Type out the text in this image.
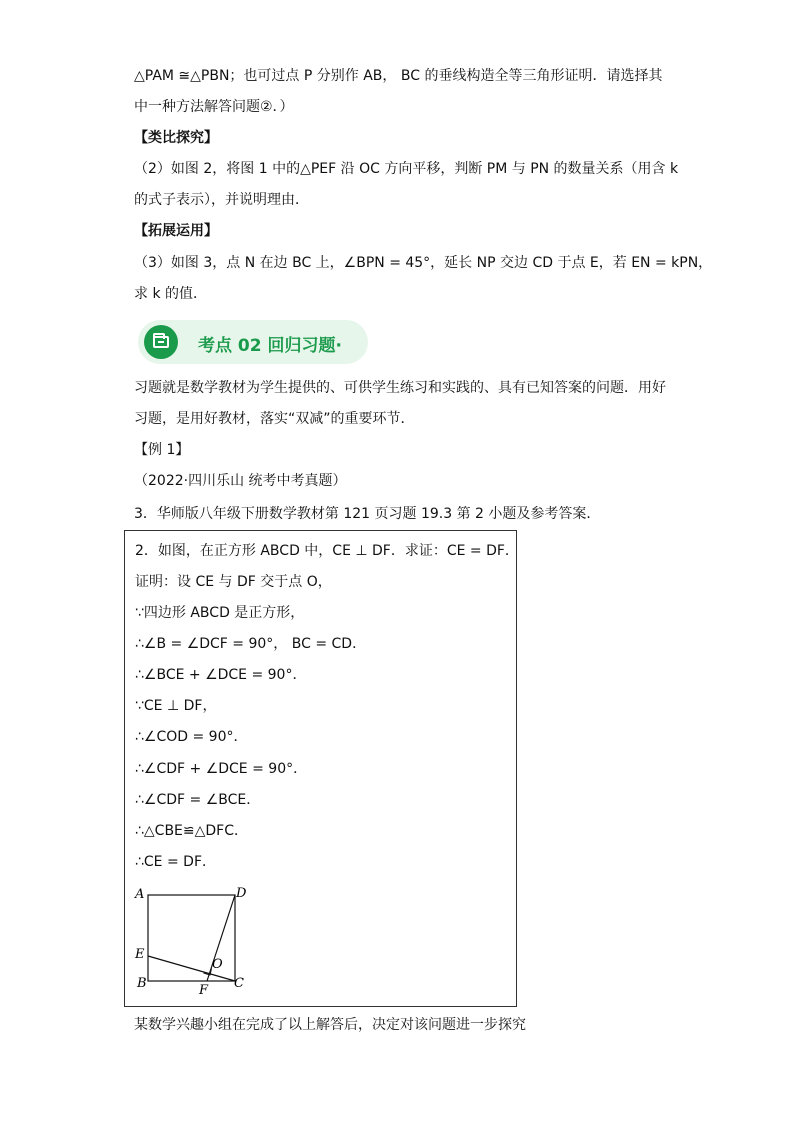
△PAM ≅△PBN；也可过点 P 分别作 AB， BC 的垂线构造全等三角形证明．请选择其
中一种方法解答问题②．）
【类比探究】
（2）如图 2，将图 1 中的△PEF 沿 OC 方向平移，判断 PM 与 PN 的数量关系（用含 k
的式子表示），并说明理由．
【拓展运用】
（3）如图 3，点 N 在边 BC 上，∠BPN = 45°，延长 NP 交边 CD 于点 E，若 EN = kPN，
求 k 的值．
考点 02 回归习题·
习题就是数学教材为学生提供的、可供学生练习和实践的、具有已知答案的问题．用好
习题，是用好教材，落实“双减”的重要环节．
【例 1】
（2022·四川乐山 统考中考真题）
3．华师版八年级下册数学教材第 121 页习题 19.3 第 2 小题及参考答案．
2．如图，在正方形 ABCD 中，CE ⊥ DF．求证：CE = DF．
证明：设 CE 与 DF 交于点 O，
∵四边形 ABCD 是正方形，
∴∠B = ∠DCF = 90°， BC = CD．
∴∠BCE + ∠DCE = 90°．
∵CE ⊥ DF，
∴∠COD = 90°．
∴∠CDF + ∠DCE = 90°．
∴∠CDF = ∠BCE．
∴△CBE≌△DFC．
∴CE = DF．
A
B	C
D
E
F
O
某数学兴趣小组在完成了以上解答后，决定对该问题进一步探究
